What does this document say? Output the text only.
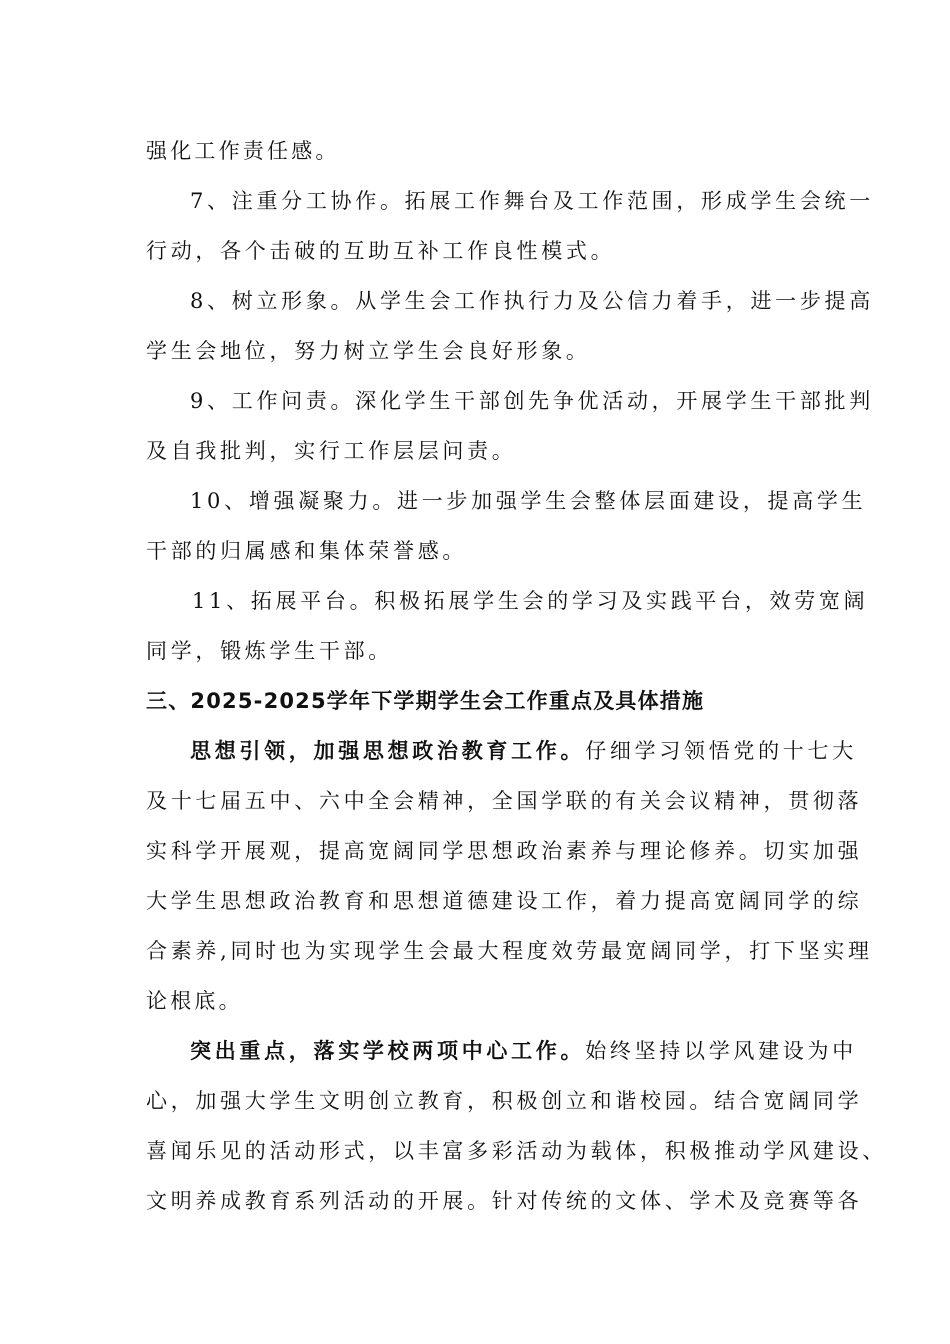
强化工作责任感。
7、注重分工协作。拓展工作舞台及工作范围，形成学生会统一
行动，各个击破的互助互补工作良性模式。
8、树立形象。从学生会工作执行力及公信力着手，进一步提高
学生会地位，努力树立学生会良好形象。
9、工作问责。深化学生干部创先争优活动，开展学生干部批判
及自我批判，实行工作层层问责。
10、增强凝聚力。进一步加强学生会整体层面建设，提高学生
干部的归属感和集体荣誉感。
11、拓展平台。积极拓展学生会的学习及实践平台，效劳宽阔
同学，锻炼学生干部。
三、2025-2025学年下学期学生会工作重点及具体措施
思想引领，加强思想政治教育工作。仔细学习领悟党的十七大
及十七届五中、六中全会精神，全国学联的有关会议精神，贯彻落
实科学开展观，提高宽阔同学思想政治素养与理论修养。切实加强
大学生思想政治教育和思想道德建设工作，着力提高宽阔同学的综
合素养,同时也为实现学生会最大程度效劳最宽阔同学，打下坚实理
论根底。
突出重点，落实学校两项中心工作。始终坚持以学风建设为中
心，加强大学生文明创立教育，积极创立和谐校园。结合宽阔同学
喜闻乐见的活动形式，以丰富多彩活动为载体，积极推动学风建设、
文明养成教育系列活动的开展。针对传统的文体、学术及竞赛等各
